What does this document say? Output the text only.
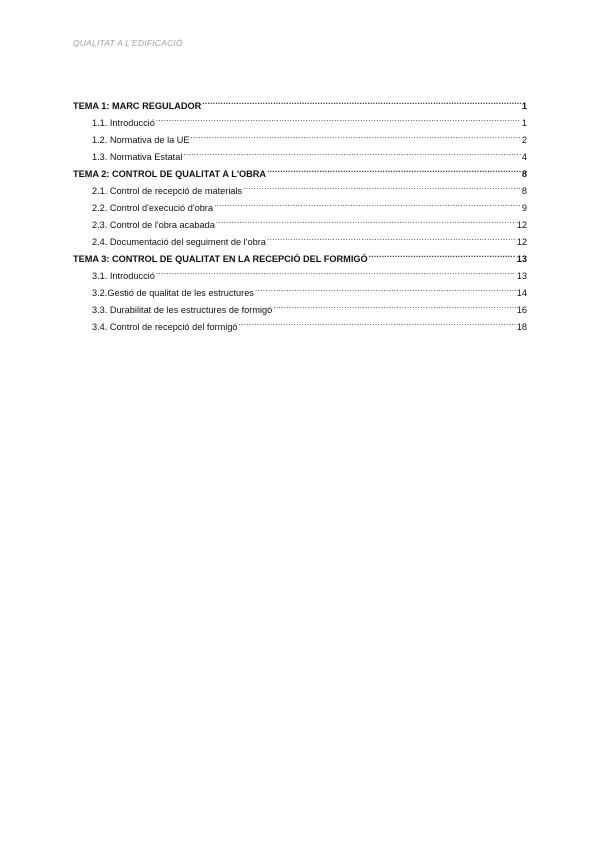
QUALITAT A L'EDIFICACIÓ
TEMA 1: MARC REGULADOR .....	1
1.1. Introducció .....	1
1.2. Normativa de la UE .....	2
1.3. Normativa Estatal .....	4
TEMA 2: CONTROL DE QUALITAT A L'OBRA .....	8
2.1. Control de recepció de materials .....	8
2.2. Control d'execució d'obra .....	9
2.3. Control de l'obra acabada .....	12
2.4. Documentació del seguiment de l'obra .....	12
TEMA 3: CONTROL DE QUALITAT EN LA RECEPCIÓ DEL FORMIGÓ .....	13
3.1. Introducció .....	13
3.2.Gestió de qualitat de les estructures .....	14
3.3. Durabilitat de les estructures de formigó .....	16
3.4. Control de recepció del formigó .....	18
